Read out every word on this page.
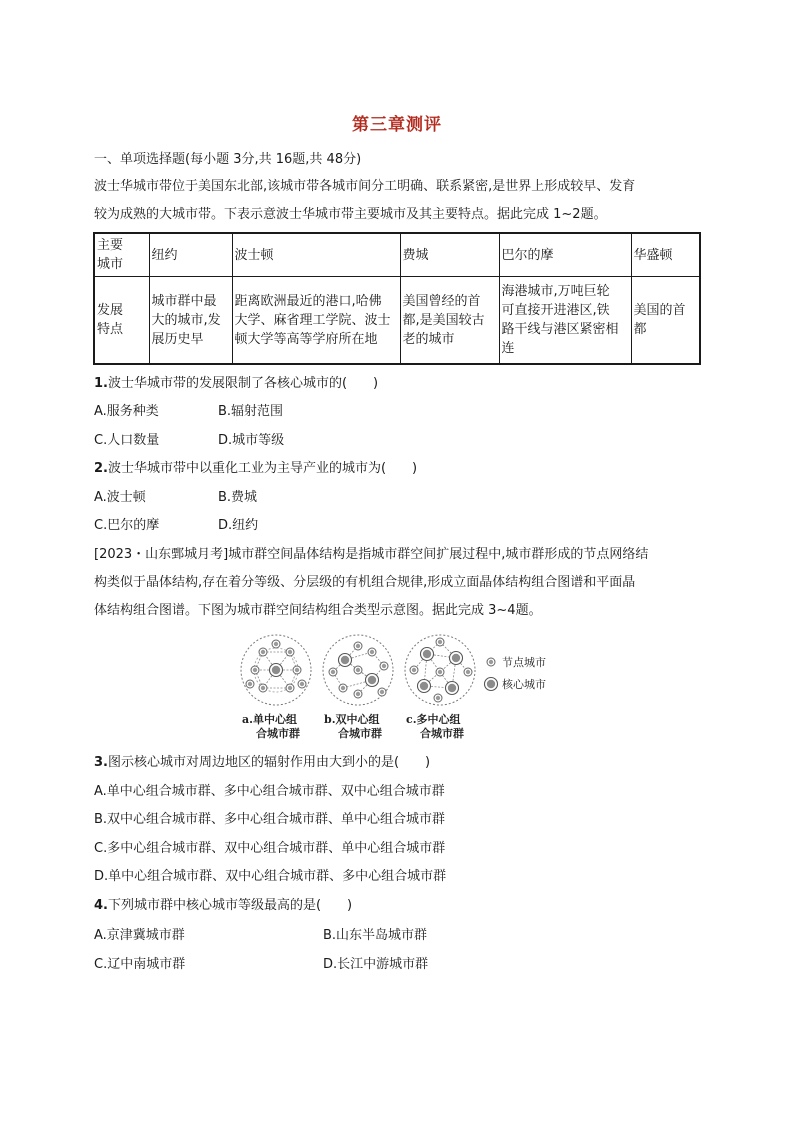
第三章测评
一、单项选择题(每小题 3分,共 16题,共 48分)
波士华城市带位于美国东北部,该城市带各城市间分工明确、联系紧密,是世界上形成较早、发育
较为成熟的大城市带。下表示意波士华城市带主要城市及其主要特点。据此完成 1~2题。
主要
城市	纽约	波士顿	费城	巴尔的摩	华盛顿
发展
特点	城市群中最
大的城市,发
展历史早	距离欧洲最近的港口,哈佛
大学、麻省理工学院、波士
顿大学等高等学府所在地	美国曾经的首
都,是美国较古
老的城市	海港城市,万吨巨轮
可直接开进港区,铁
路干线与港区紧密相
连	美国的首
都
1.波士华城市带的发展限制了各核心城市的(　　)
A.服务种类	B.辐射范围
C.人口数量	D.城市等级
2.波士华城市带中以重化工业为主导产业的城市为(　　)
A.波士顿	B.费城
C.巴尔的摩	D.纽约
[2023・山东鄄城月考]城市群空间晶体结构是指城市群空间扩展过程中,城市群形成的节点网络结
构类似于晶体结构,存在着分等级、分层级的有机组合规律,形成立面晶体结构组合图谱和平面晶
体结构组合图谱。下图为城市群空间结构组合类型示意图。据此完成 3~4题。
节点城市
核心城市
a.单中心组
合城市群
b.双中心组
合城市群
c.多中心组
合城市群
3.图示核心城市对周边地区的辐射作用由大到小的是(　　)
A.单中心组合城市群、多中心组合城市群、双中心组合城市群
B.双中心组合城市群、多中心组合城市群、单中心组合城市群
C.多中心组合城市群、双中心组合城市群、单中心组合城市群
D.单中心组合城市群、双中心组合城市群、多中心组合城市群
4.下列城市群中核心城市等级最高的是(　　)
A.京津冀城市群	B.山东半岛城市群
C.辽中南城市群	D.长江中游城市群
